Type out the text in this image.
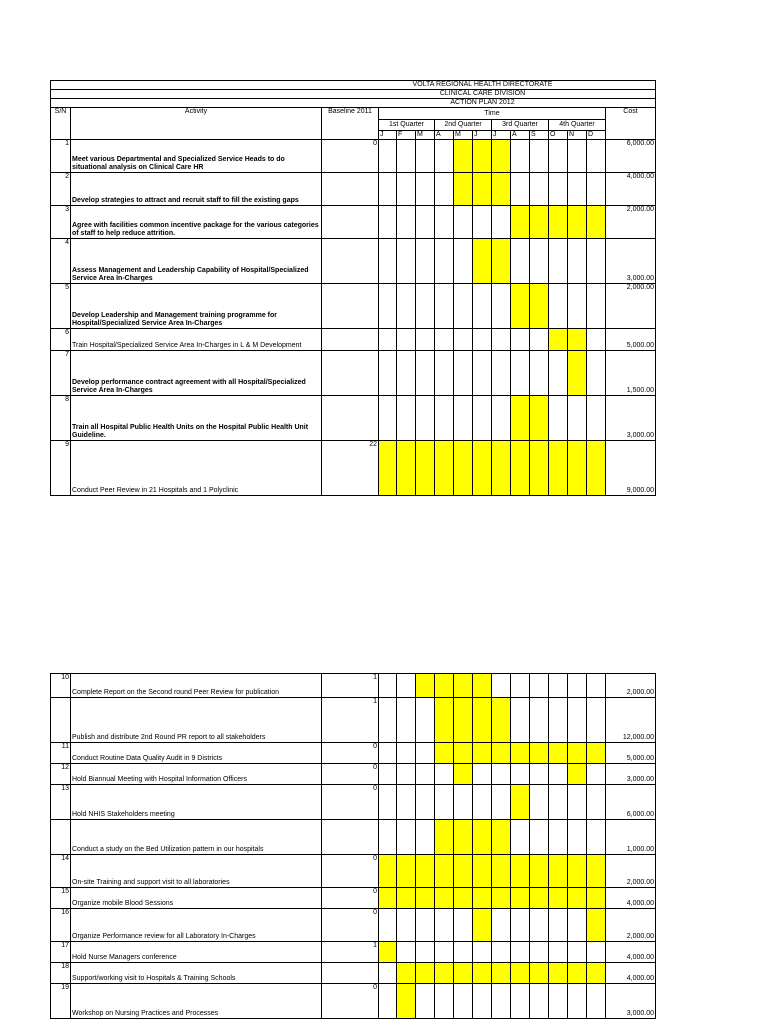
VOLTA REGIONAL HEALTH DIRECTORATE															
CLINICAL CARE DIVISION															
ACTION PLAN 2012															
S/N	Activity	Baseline 2011	Time												Cost
			1st Quarter			2nd Quarter			3rd Quarter			4th Quarter			
			J	F	M	A	M	J	J	A	S	O	N	D	
1	Meet various Departmental and Specialized Service Heads to do situational analysis on Clinical Care HR	0													6,000.00
2	Develop strategies to attract and recruit staff to fill the existing gaps														4,000.00
3	Agree with facilities common incentive package for the various categories of staff to help reduce attrition.														2,000.00
4	Assess Management and Leadership Capability of Hospital/Specialized Service Area In-Charges														3,000.00
5	Develop Leadership and Management training programme for Hospital/Specialized Service Area In-Charges														2,000.00
6	Train Hospital/Specialized Service Area In-Charges in L & M Development														5,000.00
7	Develop performance contract agreement with all Hospital/Specialized Service Area In-Charges														1,500.00
8	Train all Hospital Public Health Units on the Hospital Public Health Unit Guideline.														3,000.00
9	Conduct Peer Review in 21 Hospitals and 1 Polyclinic	22													9,000.00
10	Complete Report on the Second round Peer Review for publication	1													2,000.00
	Publish and distribute 2nd Round PR report to all stakeholders	1													12,000.00
11	Conduct Routine Data Quality Audit in 9 Districts	0													5,000.00
12	Hold Biannual Meeting with Hospital Information Officers	0													3,000.00
13	Hold NHIS Stakeholders meeting	0													6,000.00
	Conduct a study on the Bed Utilization pattern in our hospitals														1,000.00
14	On-site Training and support visit to all laboratories	0													2,000.00
15	Organize mobile Blood Sessions	0													4,000.00
16	Organize Performance review for all Laboratory In-Charges	0													2,000.00
17	Hold Nurse Managers conference	1													4,000.00
18	Support/working visit to Hospitals & Training Schools														4,000.00
19	Workshop on Nursing Practices and Processes	0													3,000.00
